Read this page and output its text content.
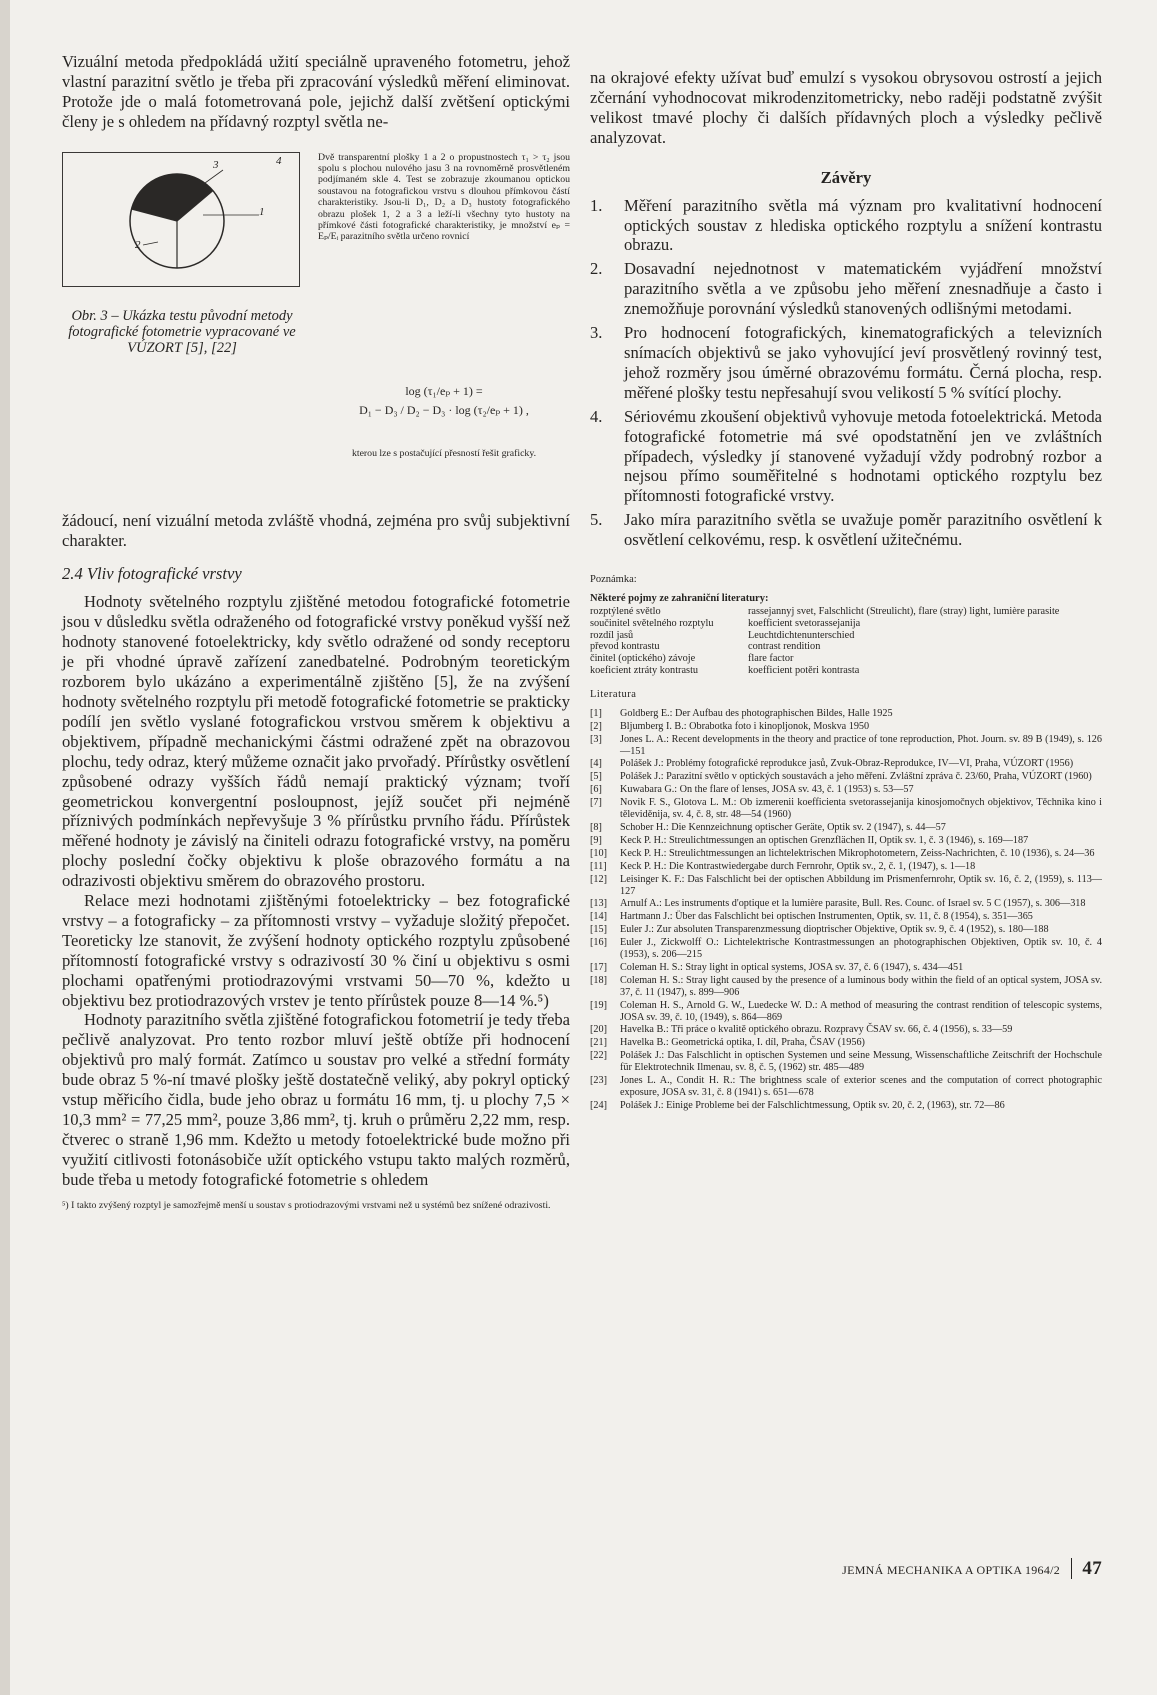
Vizuální metoda předpokládá užití speciálně upraveného fotometru, jehož vlastní parazitní světlo je třeba při zpracování výsledků měření eliminovat. Protože jde o malá fotometrovaná pole, jejichž další zvětšení optickými členy je s ohledem na přídavný rozptyl světla ne-

3	4
1
2
Obr. 3 – Ukázka testu původní metody fotografické fotometrie vypracované ve VÚZORT [5], [22]
Dvě transparentní plošky 1 a 2 o propustnostech τ₁ > τ₂ jsou spolu s plochou nulového jasu 3 na rovnoměrně prosvětleném podjímaném skle 4. Test se zobrazuje zkoumanou optickou soustavou na fotografickou vrstvu s dlouhou přímkovou částí charakteristiky. Jsou-li D₁, D₂ a D₃ hustoty fotografického obrazu plošek 1, 2 a 3 a leží-li všechny tyto hustoty na přímkové části fotografické charakteristiky, je množství eₚ = Eₚ/Eᵢ parazitního světla určeno rovnicí
log (τ₁/eₚ + 1) =
D₁ − D₃ / D₂ − D₃ · log (τ₂/eₚ + 1) ,
kterou lze s postačující přesností řešit graficky.

žádoucí, není vizuální metoda zvláště vhodná, zejména pro svůj subjektivní charakter.

2.4 Vliv fotografické vrstvy

Hodnoty světelného rozptylu zjištěné metodou fotografické fotometrie jsou v důsledku světla odraženého od fotografické vrstvy poněkud vyšší než hodnoty stanovené fotoelektricky, kdy světlo odražené od sondy receptoru je při vhodné úpravě zařízení zanedbatelné. Podrobným teoretickým rozborem bylo ukázáno a experimentálně zjištěno [5], že na zvýšení hodnoty světelného rozptylu při metodě fotografické fotometrie se prakticky podílí jen světlo vyslané fotografickou vrstvou směrem k objektivu a objektivem, případně mechanickými částmi odražené zpět na obrazovou plochu, tedy odraz, který můžeme označit jako prvořadý. Přírůstky osvětlení způsobené odrazy vyšších řádů nemají praktický význam; tvoří geometrickou konvergentní posloupnost, jejíž součet při nejméně příznivých podmínkách nepřevyšuje 3 % přírůstku prvního řádu. Přírůstek měřené hodnoty je závislý na činiteli odrazu fotografické vrstvy, na poměru plochy poslední čočky objektivu k ploše obrazového formátu a na odrazivosti objektivu směrem do obrazového prostoru.

Relace mezi hodnotami zjištěnými fotoelektricky – bez fotografické vrstvy – a fotograficky – za přítomnosti vrstvy – vyžaduje složitý přepočet. Teoreticky lze stanovit, že zvýšení hodnoty optického rozptylu způsobené přítomností fotografické vrstvy s odrazivostí 30 % činí u objektivu s osmi plochami opatřenými protiodrazovými vrstvami 50—70 %, kdežto u objektivu bez protiodrazových vrstev je tento přírůstek pouze 8—14 %.⁵)

Hodnoty parazitního světla zjištěné fotografickou fotometrií je tedy třeba pečlivě analyzovat. Pro tento rozbor mluví ještě obtíže při hodnocení objektivů pro malý formát. Zatímco u soustav pro velké a střední formáty bude obraz 5 %-ní tmavé plošky ještě dostatečně veliký, aby pokryl optický vstup měřicího čidla, bude jeho obraz u formátu 16 mm, tj. u plochy 7,5 × 10,3 mm² = 77,25 mm², pouze 3,86 mm², tj. kruh o průměru 2,22 mm, resp. čtverec o straně 1,96 mm. Kdežto u metody fotoelektrické bude možno při využití citlivosti fotonásobiče užít optického vstupu takto malých rozměrů, bude třeba u metody fotografické fotometrie s ohledem

⁵) I takto zvýšený rozptyl je samozřejmě menší u soustav s protiodrazovými vrstvami než u systémů bez snížené odrazivosti.

na okrajové efekty užívat buď emulzí s vysokou obrysovou ostrostí a jejich zčernání vyhodnocovat mikrodenzitometricky, nebo raději podstatně zvýšit velikost tmavé plochy či dalších přídavných ploch a výsledky pečlivě analyzovat.

Závěry
1. Měření parazitního světla má význam pro kvalitativní hodnocení optických soustav z hlediska optického rozptylu a snížení kontrastu obrazu.
2. Dosavadní nejednotnost v matematickém vyjádření množství parazitního světla a ve způsobu jeho měření znesnadňuje a často i znemožňuje porovnání výsledků stanovených odlišnými metodami.
3. Pro hodnocení fotografických, kinematografických a televizních snímacích objektivů se jako vyhovující jeví prosvětlený rovinný test, jehož rozměry jsou úměrné obrazovému formátu. Černá plocha, resp. měřené plošky testu nepřesahují svou velikostí 5 % svítící plochy.
4. Sériovému zkoušení objektivů vyhovuje metoda fotoelektrická. Metoda fotografické fotometrie má své opodstatnění jen ve zvláštních případech, výsledky jí stanovené vyžadují vždy podrobný rozbor a nejsou přímo souměřitelné s hodnotami optického rozptylu bez přítomnosti fotografické vrstvy.
5. Jako míra parazitního světla se uvažuje poměr parazitního osvětlení k osvětlení celkovému, resp. k osvětlení užitečnému.
Poznámka:
Některé pojmy ze zahraniční literatury:
rozptýlené světlo	rassejannyj svet, Falschlicht (Streulicht), flare (stray) light, lumière parasite
součinitel světelného rozptylu	koefficient svetorassejanija
rozdíl jasů	Leuchtdichtenunterschied
převod kontrastu	contrast rendition
činitel (optického) závoje	flare factor
koeficient ztráty kontrastu	koefficient potěri kontrasta
Literatura
[1] Goldberg E.: Der Aufbau des photographischen Bildes, Halle 1925
[2] Bljumberg I. B.: Obrabotka foto i kinopljonok, Moskva 1950
[3] Jones L. A.: Recent developments in the theory and practice of tone reproduction, Phot. Journ. sv. 89 B (1949), s. 126—151
[4] Polášek J.: Problémy fotografické reprodukce jasů, Zvuk-Obraz-Reprodukce, IV—VI, Praha, VÚZORT (1956)
[5] Polášek J.: Parazitní světlo v optických soustavách a jeho měření. Zvláštní zpráva č. 23/60, Praha, VÚZORT (1960)
[6] Kuwabara G.: On the flare of lenses, JOSA sv. 43, č. 1 (1953) s. 53—57
[7] Novik F. S., Glotova L. M.: Ob izmerenii koefficienta svetorassejanija kinosjomočnych objektivov, Těchnika kino i těleviděnija, sv. 4, č. 8, str. 48—54 (1960)
[8] Schober H.: Die Kennzeichnung optischer Geräte, Optik sv. 2 (1947), s. 44—57
[9] Keck P. H.: Streulichtmessungen an optischen Grenzflächen II, Optik sv. 1, č. 3 (1946), s. 169—187
[10] Keck P. H.: Streulichtmessungen an lichtelektrischen Mikrophotometern, Zeiss-Nachrichten, č. 10 (1936), s. 24—36
[11] Keck P. H.: Die Kontrastwiedergabe durch Fernrohr, Optik sv., 2, č. 1, (1947), s. 1—18
[12] Leisinger K. F.: Das Falschlicht bei der optischen Abbildung im Prismenfernrohr, Optik sv. 16, č. 2, (1959), s. 113—127
[13] Arnulf A.: Les instruments d'optique et la lumière parasite, Bull. Res. Counc. of Israel sv. 5 C (1957), s. 306—318
[14] Hartmann J.: Über das Falschlicht bei optischen Instrumenten, Optik, sv. 11, č. 8 (1954), s. 351—365
[15] Euler J.: Zur absoluten Transparenzmessung dioptrischer Objektive, Optik sv. 9, č. 4 (1952), s. 180—188
[16] Euler J., Zickwolff O.: Lichtelektrische Kontrastmessungen an photographischen Objektiven, Optik sv. 10, č. 4 (1953), s. 206—215
[17] Coleman H. S.: Stray light in optical systems, JOSA sv. 37, č. 6 (1947), s. 434—451
[18] Coleman H. S.: Stray light caused by the presence of a luminous body within the field of an optical system, JOSA sv. 37, č. 11 (1947), s. 899—906
[19] Coleman H. S., Arnold G. W., Luedecke W. D.: A method of measuring the contrast rendition of telescopic systems, JOSA sv. 39, č. 10, (1949), s. 864—869
[20] Havelka B.: Tři práce o kvalitě optického obrazu. Rozpravy ČSAV sv. 66, č. 4 (1956), s. 33—59
[21] Havelka B.: Geometrická optika, I. díl, Praha, ČSAV (1956)
[22] Polášek J.: Das Falschlicht in optischen Systemen und seine Messung, Wissenschaftliche Zeitschrift der Hochschule für Elektrotechnik Ilmenau, sv. 8, č. 5, (1962) str. 485—489
[23] Jones L. A., Condit H. R.: The brightness scale of exterior scenes and the computation of correct photographic exposure, JOSA sv. 31, č. 8 (1941) s. 651—678
[24] Polášek J.: Einige Probleme bei der Falschlichtmessung, Optik sv. 20, č. 2, (1963), str. 72—86
JEMNÁ MECHANIKA A OPTIKA 1964/2 47
